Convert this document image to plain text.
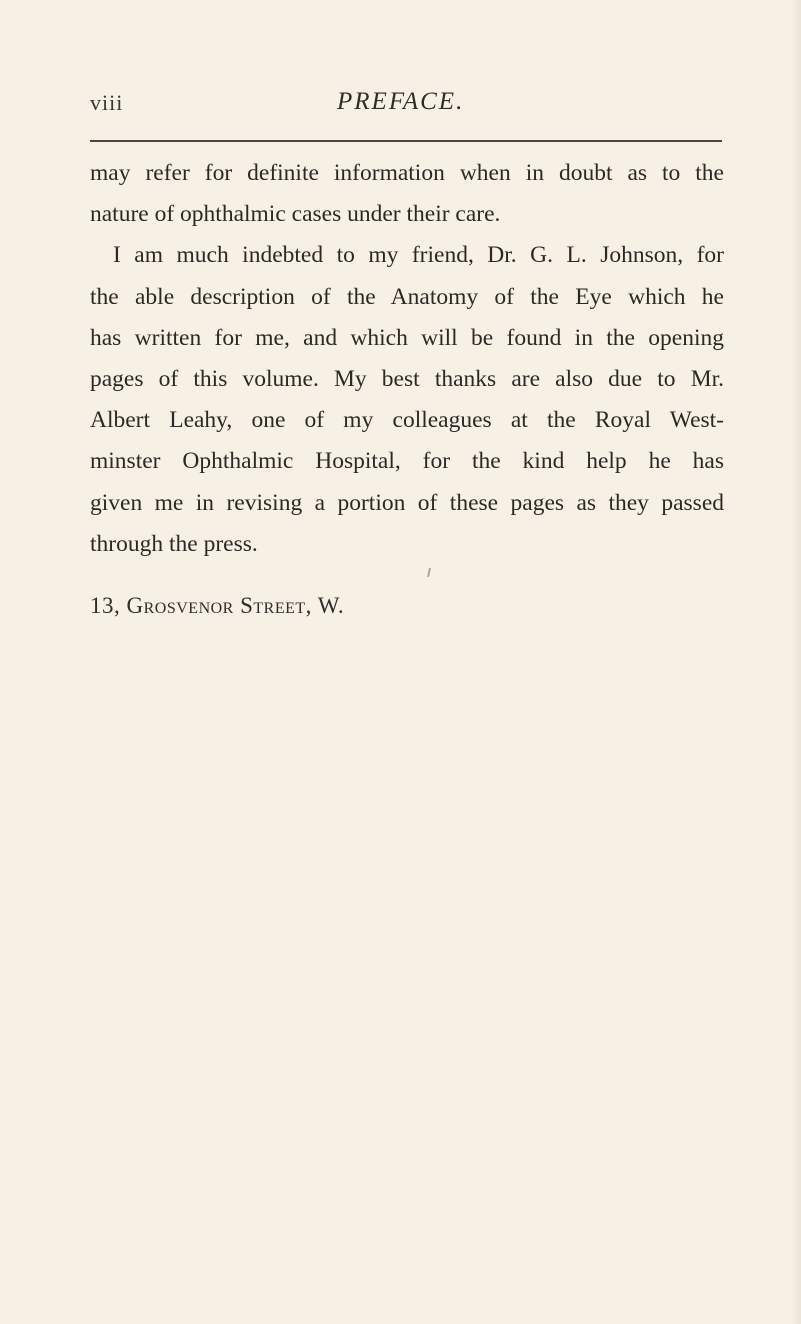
viii	PREFACE.
may refer for definite information when in doubt as to the
nature of ophthalmic cases under their care.
I am much indebted to my friend, Dr. G. L. Johnson, for
the able description of the Anatomy of the Eye which he
has written for me, and which will be found in the opening
pages of this volume. My best thanks are also due to Mr.
Albert Leahy, one of my colleagues at the Royal West-
minster Ophthalmic Hospital, for the kind help he has
given me in revising a portion of these pages as they passed
through the press.
13, Grosvenor Street, W.
